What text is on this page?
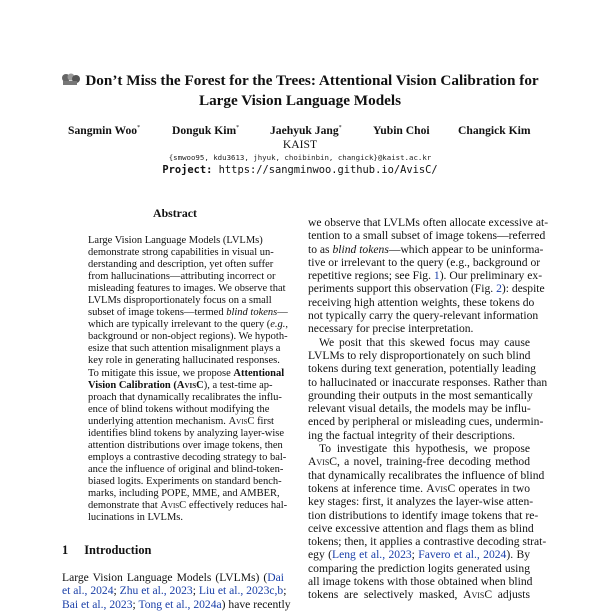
Don’t Miss the Forest for the Trees: Attentional Vision Calibration for
Large Vision Language Models
Sangmin Woo*	Donguk Kim*	Jaehyuk Jang*	Yubin Choi Changick Kim
KAIST
{smwoo95, kdu3613, jhyuk, choibinbin, changick}@kaist.ac.kr
Project: https://sangminwoo.github.io/AvisC/
Abstract
Large Vision Language Models (LVLMs)
demonstrate strong capabilities in visual un-
derstanding and description, yet often suffer
from hallucinations—attributing incorrect or
misleading features to images. We observe that
LVLMs disproportionately focus on a small
subset of image tokens—termed blind tokens—
which are typically irrelevant to the query (e.g.,
background or non-object regions). We hypoth-
esize that such attention misalignment plays a
key role in generating hallucinated responses.
To mitigate this issue, we propose Attentional
Vision Calibration (AvisC), a test-time ap-
proach that dynamically recalibrates the influ-
ence of blind tokens without modifying the
underlying attention mechanism. AvisC first
identifies blind tokens by analyzing layer-wise
attention distributions over image tokens, then
employs a contrastive decoding strategy to bal-
ance the influence of original and blind-token-
biased logits. Experiments on standard bench-
marks, including POPE, MME, and AMBER,
demonstrate that AvisC effectively reduces hal-
lucinations in LVLMs.
1 Introduction
Large Vision Language Models (LVLMs) (Dai
et al., 2024; Zhu et al., 2023; Liu et al., 2023c,b;
Bai et al., 2023; Tong et al., 2024a) have recently
we observe that LVLMs often allocate excessive at-
tention to a small subset of image tokens—referred
to as blind tokens—which appear to be uninforma-
tive or irrelevant to the query (e.g., background or
repetitive regions; see Fig. 1). Our preliminary ex-
periments support this observation (Fig. 2): despite
receiving high attention weights, these tokens do
not typically carry the query-relevant information
necessary for precise interpretation.
We posit that this skewed focus may cause
LVLMs to rely disproportionately on such blind
tokens during text generation, potentially leading
to hallucinated or inaccurate responses. Rather than
grounding their outputs in the most semantically
relevant visual details, the models may be influ-
enced by peripheral or misleading cues, undermin-
ing the factual integrity of their descriptions.
To investigate this hypothesis, we propose
AvisC, a novel, training-free decoding method
that dynamically recalibrates the influence of blind
tokens at inference time. AvisC operates in two
key stages: first, it analyzes the layer-wise atten-
tion distributions to identify image tokens that re-
ceive excessive attention and flags them as blind
tokens; then, it applies a contrastive decoding strat-
egy (Leng et al., 2023; Favero et al., 2024). By
comparing the prediction logits generated using
all image tokens with those obtained when blind
tokens are selectively masked, AvisC adjusts
